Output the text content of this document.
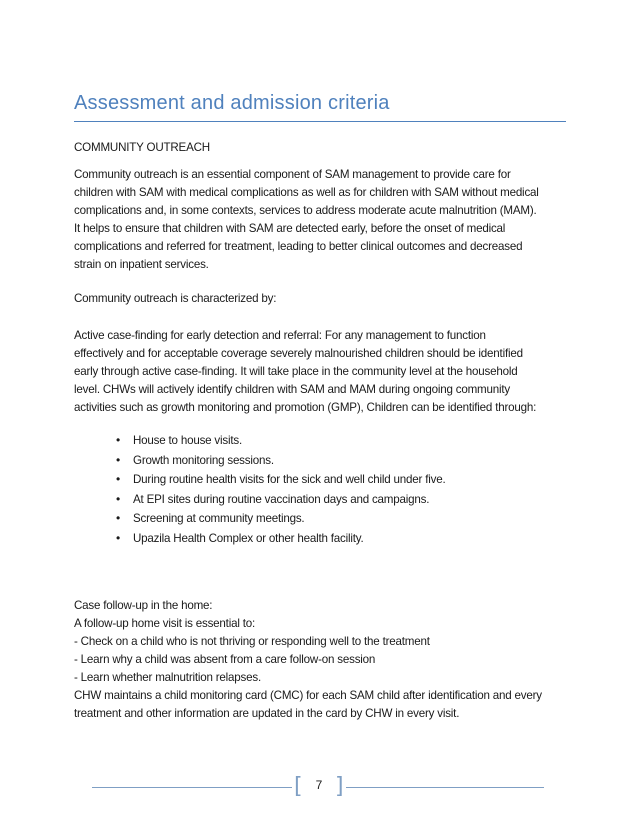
Assessment and admission criteria
COMMUNITY OUTREACH
Community outreach is an essential component of SAM management to provide care for
children with SAM with medical complications as well as for children with SAM without medical
complications and, in some contexts, services to address moderate acute malnutrition (MAM).
It helps to ensure that children with SAM are detected early, before the onset of medical
complications and referred for treatment, leading to better clinical outcomes and decreased
strain on inpatient services.
Community outreach is characterized by:
Active case-finding for early detection and referral: For any management to function
effectively and for acceptable coverage severely malnourished children should be identified
early through active case-finding. It will take place in the community level at the household
level. CHWs will actively identify children with SAM and MAM during ongoing community
activities such as growth monitoring and promotion (GMP), Children can be identified through:
• House to house visits.
• Growth monitoring sessions.
• During routine health visits for the sick and well child under five.
• At EPI sites during routine vaccination days and campaigns.
• Screening at community meetings.
• Upazila Health Complex or other health facility.
Case follow-up in the home:
A follow-up home visit is essential to:
- Check on a child who is not thriving or responding well to the treatment
- Learn why a child was absent from a care follow-on session
- Learn whether malnutrition relapses.
CHW maintains a child monitoring card (CMC) for each SAM child after identification and every
treatment and other information are updated in the card by CHW in every visit.
[	7 ]
